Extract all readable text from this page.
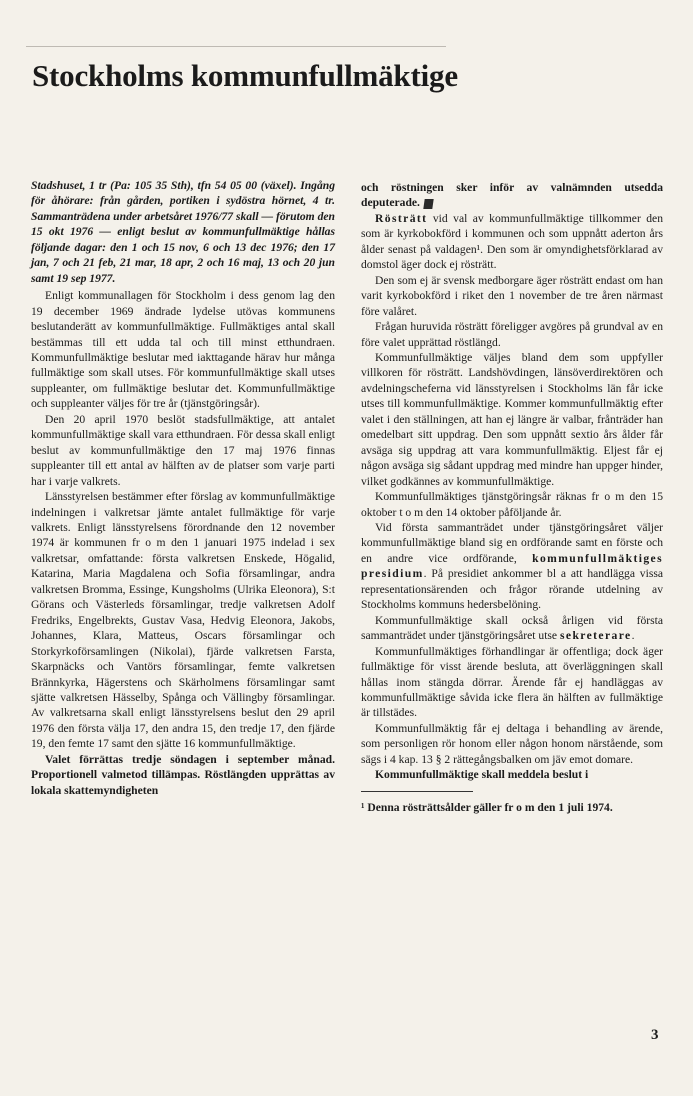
Stockholms kommunfullmäktige

Stadshuset, 1 tr (Pa: 105 35 Sth), tfn 54 05 00 (växel). Ingång för åhörare: från gården, portiken i sydöstra hörnet, 4 tr. Sammanträdena under arbetsåret 1976/77 skall — förutom den 15 okt 1976 — enligt beslut av kommunfullmäktige hållas följande dagar: den 1 och 15 nov, 6 och 13 dec 1976; den 17 jan, 7 och 21 feb, 21 mar, 18 apr, 2 och 16 maj, 13 och 20 jun samt 19 sep 1977.

Enligt kommunallagen för Stockholm i dess genom lag den 19 december 1969 ändrade lydelse utövas kommunens beslutanderätt av kommunfullmäktige. Fullmäktiges antal skall bestämmas till ett udda tal och till minst etthundraen. Kommunfullmäktige beslutar med iakttagande härav hur många fullmäktige som skall utses. För kommunfullmäktige skall utses suppleanter, om fullmäktige beslutar det. Kommunfullmäktige och suppleanter väljes för tre år (tjänstgöringsår).

Den 20 april 1970 beslöt stadsfullmäktige, att antalet kommunfullmäktige skall vara etthundraen. För dessa skall enligt beslut av kommunfullmäktige den 17 maj 1976 finnas suppleanter till ett antal av hälften av de platser som varje parti har i varje valkrets.

Länsstyrelsen bestämmer efter förslag av kommunfullmäktige indelningen i valkretsar jämte antalet fullmäktige för varje valkrets. Enligt länsstyrelsens förordnande den 12 november 1974 är kommunen fr o m den 1 januari 1975 indelad i sex valkretsar, omfattande: första valkretsen Enskede, Högalid, Katarina, Maria Magdalena och Sofia församlingar, andra valkretsen Bromma, Essinge, Kungsholms (Ulrika Eleonora), S:t Görans och Västerleds församlingar, tredje valkretsen Adolf Fredriks, Engelbrekts, Gustav Vasa, Hedvig Eleonora, Jakobs, Johannes, Klara, Matteus, Oscars församlingar och Storkyrkoförsamlingen (Nikolai), fjärde valkretsen Farsta, Skarpnäcks och Vantörs församlingar, femte valkretsen Brännkyrka, Hägerstens och Skärholmens församlingar samt sjätte valkretsen Hässelby, Spånga och Vällingby församlingar. Av valkretsarna skall enligt länsstyrelsens beslut den 29 april 1976 den första välja 17, den andra 15, den tredje 17, den fjärde 19, den femte 17 samt den sjätte 16 kommunfullmäktige.

Valet förrättas tredje söndagen i september månad. Proportionell valmetod tillämpas. Röstlängden upprättas av lokala skattemyndigheten

och röstningen sker inför av valnämnden utsedda deputerade.

Rösträtt vid val av kommunfullmäktige tillkommer den som är kyrkobokförd i kommunen och som uppnått aderton års ålder senast på valdagen¹. Den som är omyndighetsförklarad av domstol äger dock ej rösträtt.

Den som ej är svensk medborgare äger rösträtt endast om han varit kyrkobokförd i riket den 1 november de tre åren närmast före valåret.

Frågan huruvida rösträtt föreligger avgöres på grundval av en före valet upprättad röstlängd.

Kommunfullmäktige väljes bland dem som uppfyller villkoren för rösträtt. Landshövdingen, länsöverdirektören och avdelningscheferna vid länsstyrelsen i Stockholms län får icke utses till kommunfullmäktige. Kommer kommunfullmäktig efter valet i den ställningen, att han ej längre är valbar, frånträder han omedelbart sitt uppdrag. Den som uppnått sextio års ålder får avsäga sig uppdrag att vara kommunfullmäktig. Eljest får ej någon avsäga sig sådant uppdrag med mindre han uppger hinder, vilket godkännes av kommunfullmäktige.

Kommunfullmäktiges tjänstgöringsår räknas fr o m den 15 oktober t o m den 14 oktober påföljande år.

Vid första sammanträdet under tjänstgöringsåret väljer kommunfullmäktige bland sig en ordförande samt en förste och en andre vice ordförande, kommunfullmäktiges presidium. På presidiet ankommer bl a att handlägga vissa representationsärenden och frågor rörande utdelning av Stockholms kommuns hedersbelöning.

Kommunfullmäktige skall också årligen vid första sammanträdet under tjänstgöringsåret utse sekreterare.

Kommunfullmäktiges förhandlingar är offentliga; dock äger fullmäktige för visst ärende besluta, att överläggningen skall hållas inom stängda dörrar. Ärende får ej handläggas av kommunfullmäktige såvida icke flera än hälften av fullmäktige är tillstädes.

Kommunfullmäktig får ej deltaga i behandling av ärende, som personligen rör honom eller någon honom närstående, som sägs i 4 kap. 13 § 2 rättegångsbalken om jäv emot domare.

Kommunfullmäktige skall meddela beslut i

¹ Denna rösträttsålder gäller fr o m den 1 juli 1974.

3
